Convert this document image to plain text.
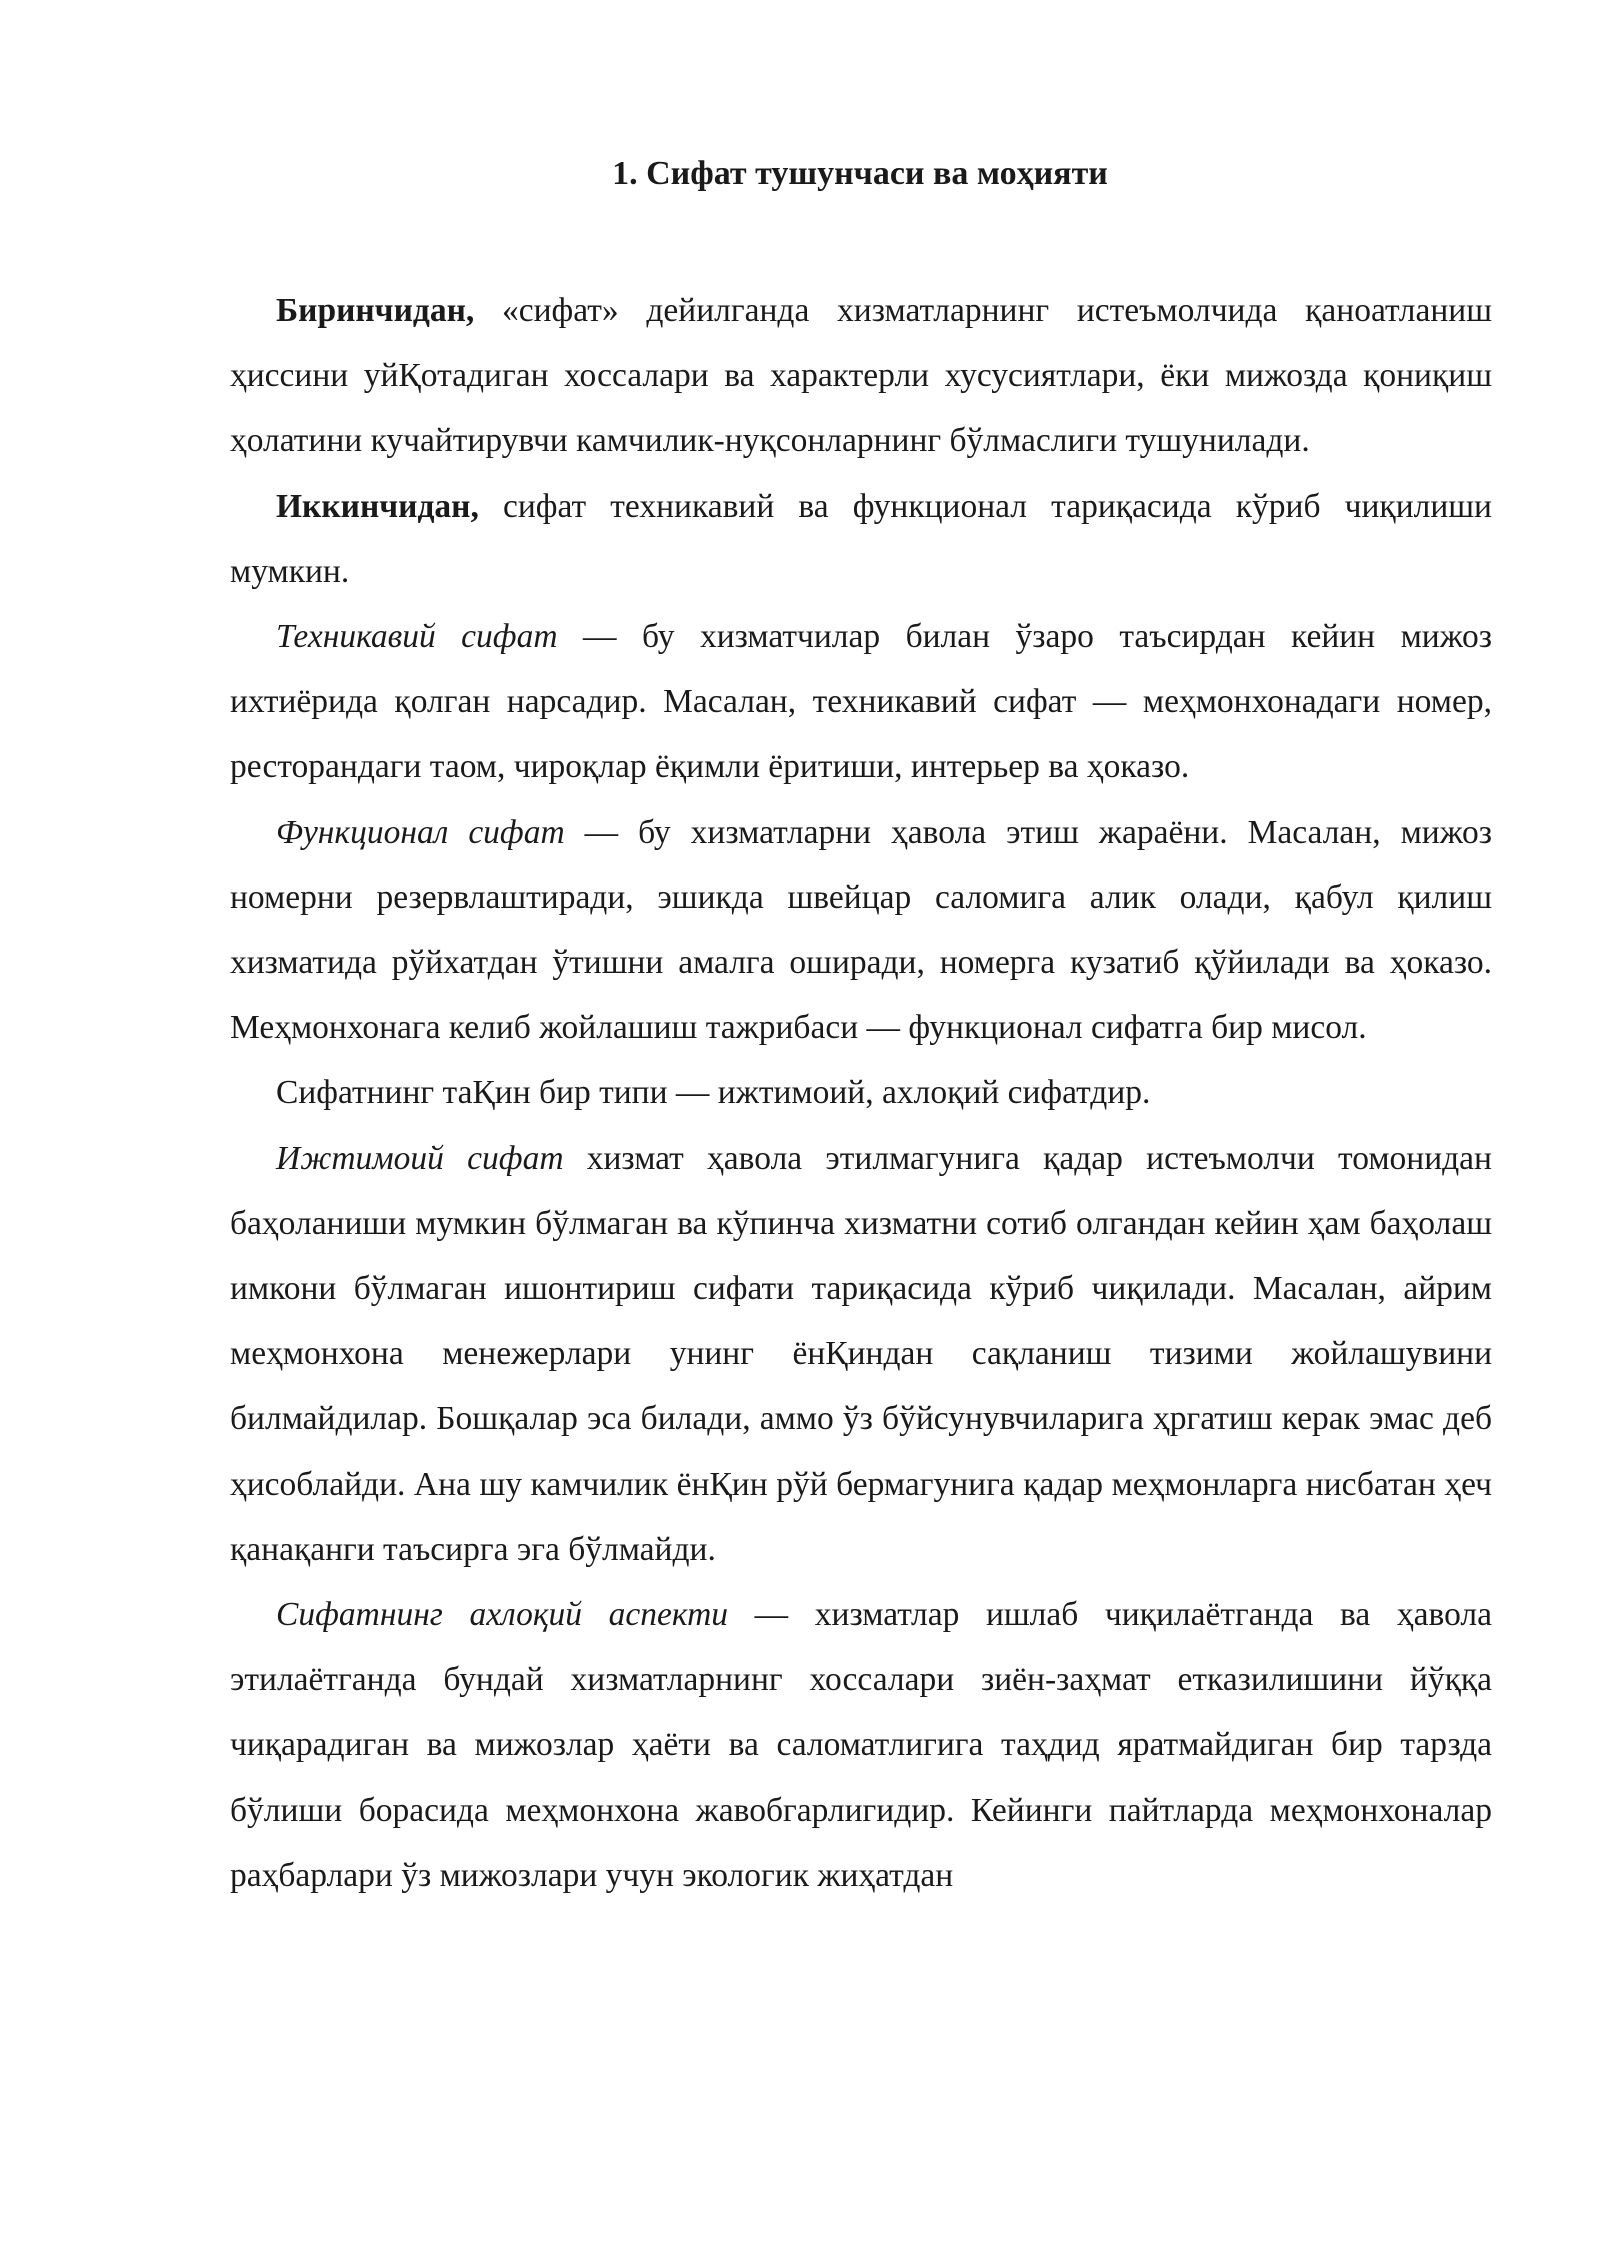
1. Сифат тушунчаси ва моҳияти

Биринчидан, «сифат» дейилганда хизматларнинг истеъмолчида қаноатланиш ҳиссини уйҚотадиган хоссалари ва характерли хусусиятлари, ёки мижозда қониқиш ҳолатини кучайтирувчи камчилик-нуқсонларнинг бўлмаслиги тушунилади.

Иккинчидан, сифат техникавий ва функционал тариқасида кўриб чиқилиши мумкин.

Техникавий сифат — бу хизматчилар билан ўзаро таъсирдан кейин мижоз ихтиёрида қолган нарсадир. Масалан, техникавий сифат — меҳмонхонадаги номер, ресторандаги таом, чироқлар ёқимли ёритиши, интерьер ва ҳоказо.

Функционал сифат — бу хизматларни ҳавола этиш жараёни. Масалан, мижоз номерни резервлаштиради, эшикда швейцар саломига алик олади, қабул қилиш хизматида рўйхатдан ўтишни амалга оширади, номерга кузатиб қўйилади ва ҳоказо. Меҳмонхонага келиб жойлашиш тажрибаси — функционал сифатга бир мисол.

Сифатнинг таҚин бир типи — ижтимоий, ахлоқий сифатдир.

Ижтимоий сифат хизмат ҳавола этилмагунига қадар истеъмолчи томонидан баҳоланиши мумкин бўлмаган ва кўпинча хизматни сотиб олгандан кейин ҳам баҳолаш имкони бўлмаган ишонтириш сифати тариқасида кўриб чиқилади. Масалан, айрим меҳмонхона менежерлари унинг ёнҚиндан сақланиш тизими жойлашувини билмайдилар. Бошқалар эса билади, аммо ўз бўйсунувчиларига ҳргатиш керак эмас деб ҳисоблайди. Ана шу камчилик ёнҚин рўй бермагунига қадар меҳмонларга нисбатан ҳеч қанақанги таъсирга эга бўлмайди.

Сифатнинг ахлоқий аспекти — хизматлар ишлаб чиқилаётганда ва ҳавола этилаётганда бундай хизматларнинг хоссалари зиён-заҳмат етказилишини йўққа чиқарадиган ва мижозлар ҳаёти ва саломатлигига таҳдид яратмайдиган бир тарзда бўлиши борасида меҳмонхона жавобгарлигидир. Кейинги пайтларда меҳмонхоналар раҳбарлари ўз мижозлари учун экологик жиҳатдан
